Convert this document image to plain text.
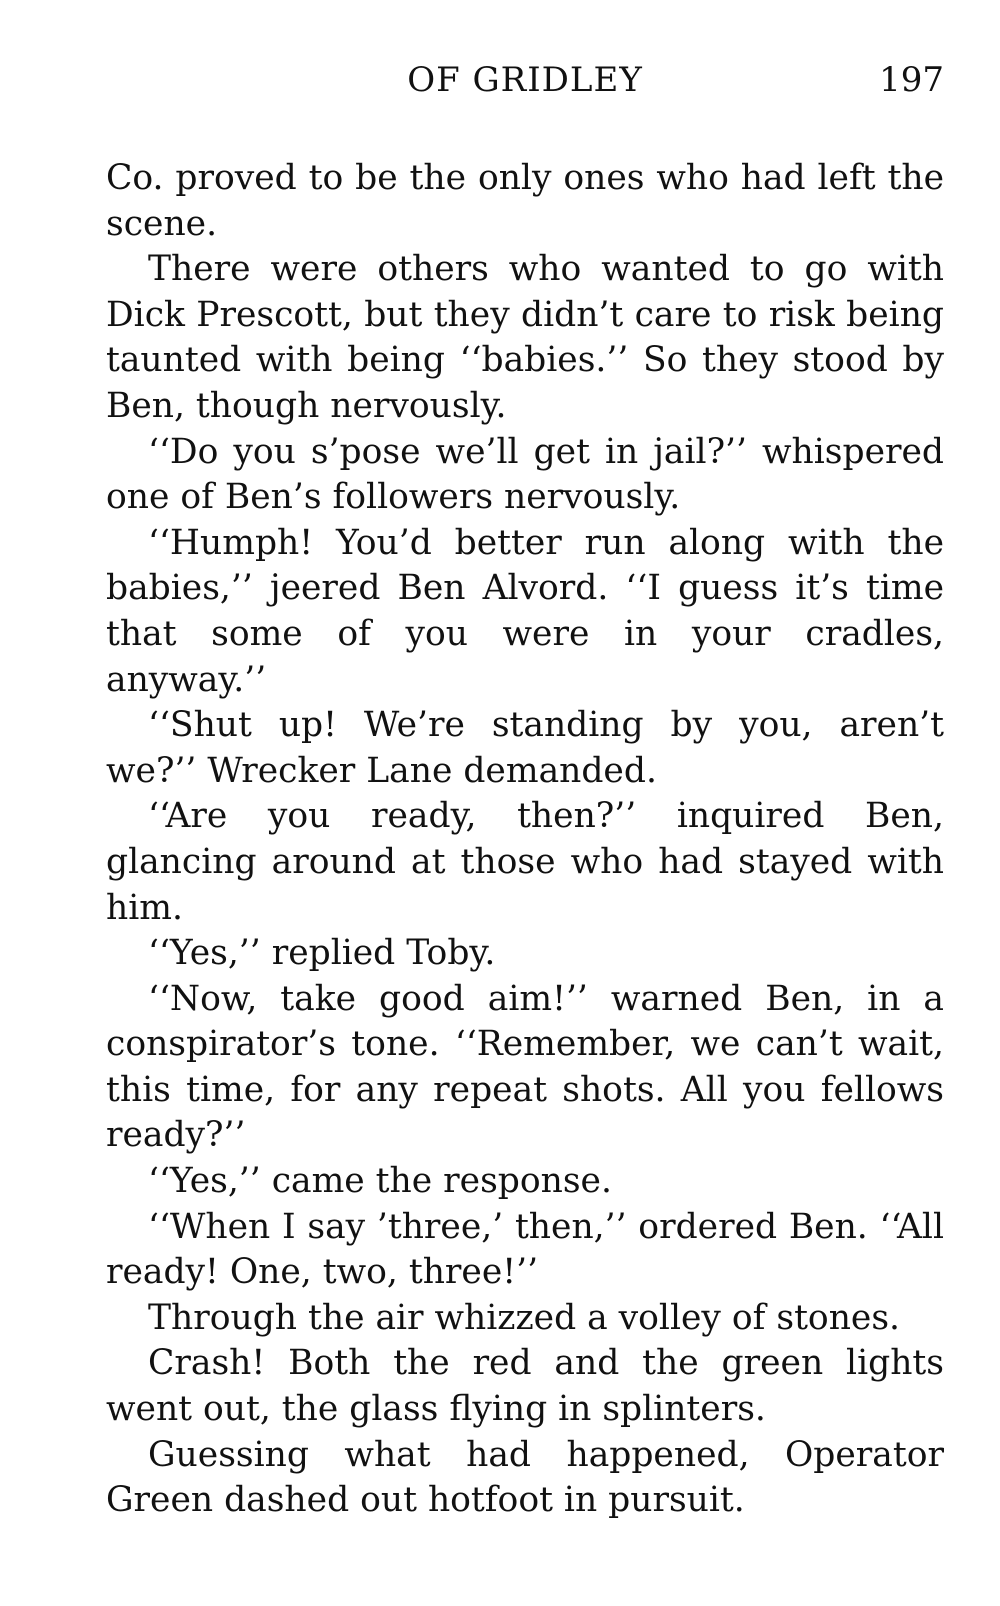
OF GRIDLEY	197

Co. proved to be the only ones who had left the scene.

There were others who wanted to go with Dick Prescott, but they didn’t care to risk being taunted with being ‘‘babies.’’ So they stood by Ben, though nervously.

‘‘Do you s’pose we’ll get in jail?’’ whispered one of Ben’s followers nervously.

‘‘Humph! You’d better run along with the babies,’’ jeered Ben Alvord. ‘‘I guess it’s time that some of you were in your cradles, anyway.’’

‘‘Shut up! We’re standing by you, aren’t we?’’ Wrecker Lane demanded.

‘‘Are you ready, then?’’ inquired Ben, glancing around at those who had stayed with him.

‘‘Yes,’’ replied Toby.

‘‘Now, take good aim!’’ warned Ben, in a conspirator’s tone. ‘‘Remember, we can’t wait, this time, for any repeat shots. All you fellows ready?’’

‘‘Yes,’’ came the response.

‘‘When I say ’three,’ then,’’ ordered Ben. ‘‘All ready! One, two, three!’’

Through the air whizzed a volley of stones.

Crash! Both the red and the green lights went out, the glass flying in splinters.

Guessing what had happened, Operator Green dashed out hotfoot in pursuit.
